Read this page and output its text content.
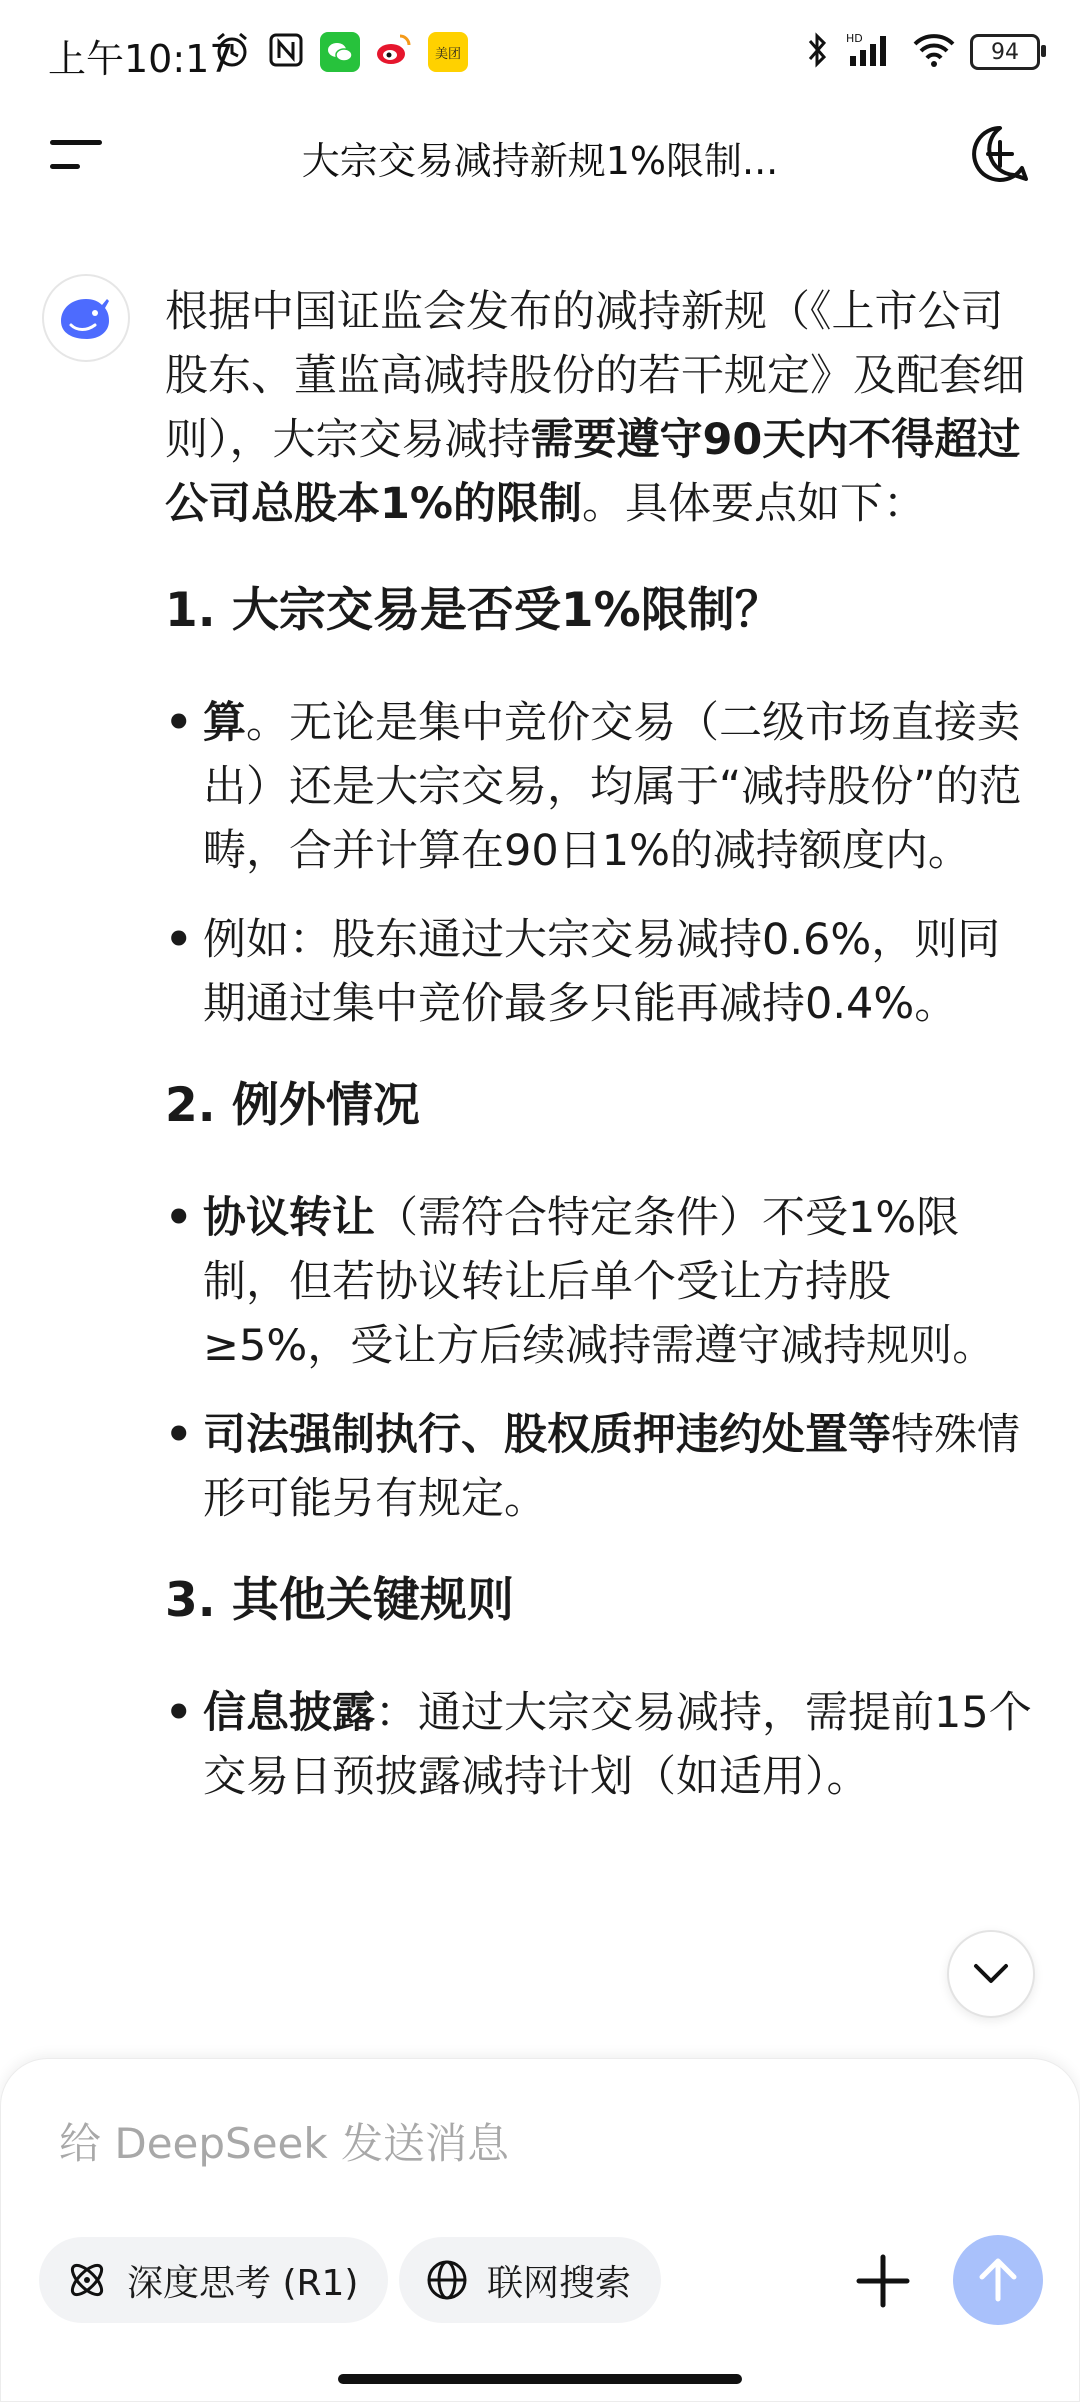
上午10:17	美团
HD
94
大宗交易减持新规1%限制...

根据中国证监会发布的减持新规（《上市公司股东、董监高减持股份的若干规定》及配套细则），大宗交易减持需要遵守90天内不得超过公司总股本1%的限制。具体要点如下：

1. 大宗交易是否受1%限制？
• 算。无论是集中竞价交易（二级市场直接卖出）还是大宗交易，均属于“减持股份”的范畴，合并计算在90日1%的减持额度内。
• 例如：股东通过大宗交易减持0.6%，则同期通过集中竞价最多只能再减持0.4%。
2. 例外情况
• 协议转让（需符合特定条件）不受1%限制，但若协议转让后单个受让方持股≥5%，受让方后续减持需遵守减持规则。
• 司法强制执行、股权质押违约处置等特殊情形可能另有规定。
3. 其他关键规则
• 信息披露：通过大宗交易减持，需提前15个交易日预披露减持计划（如适用）。
给 DeepSeek 发送消息
深度思考 (R1)	联网搜索
